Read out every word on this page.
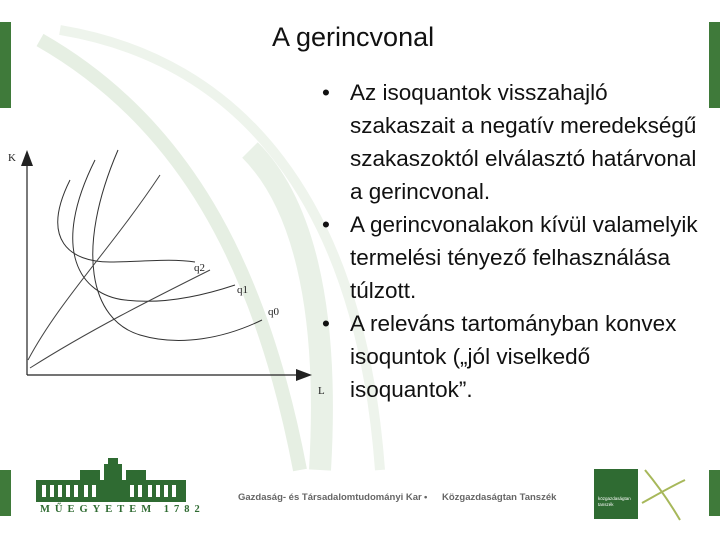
A gerincvonal
K
L
q2
q1
q0
• Az isoquantok visszahajló szakaszait a negatív meredekségű szakaszoktól elválasztó határvonal a gerincvonal.
• A gerincvonalakon kívül valamelyik termelési tényező felhasználása túlzott.
• A releváns tartományban konvex isoquntok („jól viselkedő isoquantok”.
MŰEGYETEM 1782
Gazdaság- és Társadalomtudományi Kar • Közgazdaságtan Tanszék	közgazdaságtan tanszék
